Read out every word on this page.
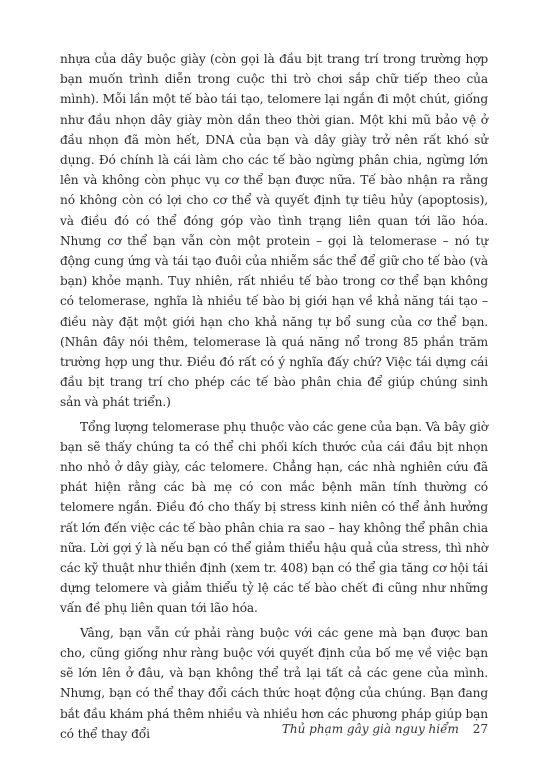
nhựa của dây buộc giày (còn gọi là đầu bịt trang trí trong trường hợp bạn muốn trình diễn trong cuộc thi trò chơi sắp chữ tiếp theo của mình). Mỗi lần một tế bào tái tạo, telomere lại ngắn đi một chút, giống như đầu nhọn dây giày mòn dần theo thời gian. Một khi mũ bảo vệ ở đầu nhọn đã mòn hết, DNA của bạn và dây giày trở nên rất khó sử dụng. Đó chính là cái làm cho các tế bào ngừng phân chia, ngừng lớn lên và không còn phục vụ cơ thể bạn được nữa. Tế bào nhận ra rằng nó không còn có lợi cho cơ thể và quyết định tự tiêu hủy (apoptosis), và điều đó có thể đóng góp vào tình trạng liên quan tới lão hóa. Nhưng cơ thể bạn vẫn còn một protein – gọi là telomerase – nó tự động cung ứng và tái tạo đuôi của nhiễm sắc thể để giữ cho tế bào (và bạn) khỏe mạnh. Tuy nhiên, rất nhiều tế bào trong cơ thể bạn không có telomerase, nghĩa là nhiều tế bào bị giới hạn về khả năng tái tạo – điều này đặt một giới hạn cho khả năng tự bổ sung của cơ thể bạn. (Nhân đây nói thêm, telomerase là quá năng nổ trong 85 phần trăm trường hợp ung thư. Điều đó rất có ý nghĩa đấy chứ? Việc tái dựng cái đầu bịt trang trí cho phép các tế bào phân chia để giúp chúng sinh sản và phát triển.)

Tổng lượng telomerase phụ thuộc vào các gene của bạn. Và bây giờ bạn sẽ thấy chúng ta có thể chi phối kích thước của cái đầu bịt nhọn nho nhỏ ở dây giày, các telomere. Chẳng hạn, các nhà nghiên cứu đã phát hiện rằng các bà mẹ có con mắc bệnh mãn tính thường có telomere ngắn. Điều đó cho thấy bị stress kinh niên có thể ảnh hưởng rất lớn đến việc các tế bào phân chia ra sao – hay không thể phân chia nữa. Lời gợi ý là nếu bạn có thể giảm thiểu hậu quả của stress, thì nhờ các kỹ thuật như thiền định (xem tr. 408) bạn có thể gia tăng cơ hội tái dựng telomere và giảm thiểu tỷ lệ các tế bào chết đi cũng như những vấn đề phụ liên quan tới lão hóa.

Vâng, bạn vẫn cứ phải ràng buộc với các gene mà bạn được ban cho, cũng giống như ràng buộc với quyết định của bố mẹ về việc bạn sẽ lớn lên ở đâu, và bạn không thể trả lại tất cả các gene của mình. Nhưng, bạn có thể thay đổi cách thức hoạt động của chúng. Bạn đang bắt đầu khám phá thêm nhiều và nhiều hơn các phương pháp giúp bạn có thể thay đổi	Thủ phạm gây già nguy hiểm 27
